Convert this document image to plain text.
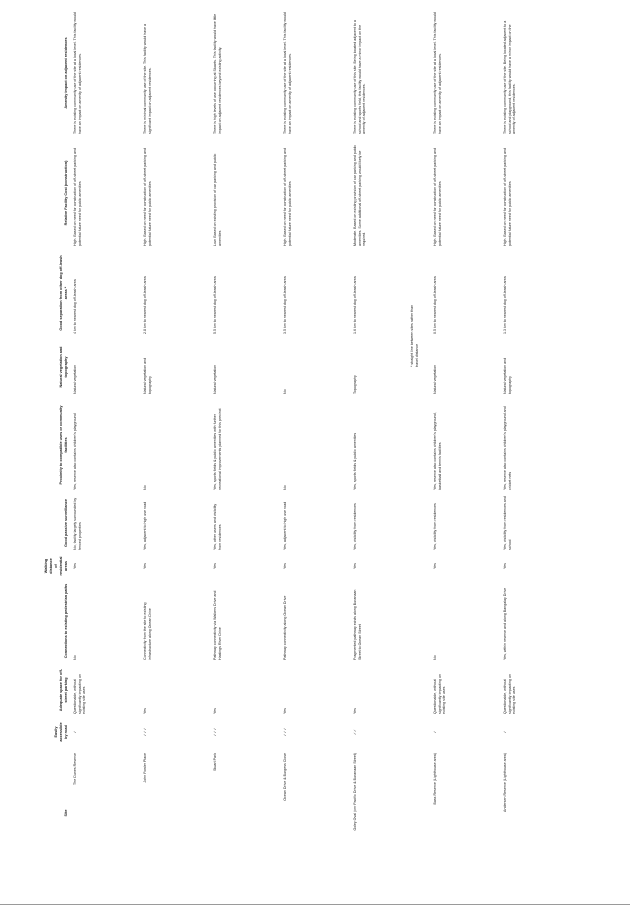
Site	Easily accessible by road	Adequate space for off-street parking	Connections to existing pedestrian paths	Walking distance of residential areas	Good passive surveillance	Proximity to compatible uses or community facilities	Natural vegetation and topography	Good separation from other dog off-leash areas *	Relative Facility Cost (construction)	Amenity impact on adjacent residences
The Dunes Reserve	✓	Questionable, without significantly impacting on existing site uses	No	Yes	No, facility largely surrounded by fenced properties	Yes, reserve also contains children's playground	Natural vegetation	4 km to nearest dog off-leash area	High. Based on need for construction of off-street parking and potential future need for public amenities	There is existing community use of the site at a local level. This facility would have an impact on amenity of adjacent residences.
John Fowler Place	✓✓✓	Yes	Connectivity from the site to existing infrastructure along Ocean Drive	Yes	Yes, adjacent to high use road	No	Natural vegetation and topography	2.8 km to nearest dog off-leash area	High. Based on need for construction of off-street parking and potential future need for public amenities	There is minimal community use of the site. This facility would have a significant impact on adjacent residences.
Stuart Park	✓✓✓	Yes	Pathway connectivity via Walkers Drive and Hastings River Drive	Yes	Yes, other users and visibility from residences	Yes, sports fields & public amenities with further recreational improvements planned for this precinct	Natural vegetation	5.5 km to nearest dog off-leash area	Low. Based on existing provision of car parking and public amenities	There is high levels of use occurring at Stuarts. This facility would have little impact on adjacent residences beyond existing activity.
Ocean Drive & Burgess Close	✓✓✓	Yes	Pathway connectivity along Ocean Drive	Yes	Yes, adjacent to high use road	No	No	3.5 km to nearest dog off-leash area	High. Based on need for construction of off-street parking and potential future need for public amenities	There is existing community use of the site at a local level. This facility would have an impact on amenity of adjacent residences.
Oxley Oval (cnr Pacific Drive & Buranaan Street)	✓✓	Yes	Fragmented pathway exists along Buranaan Street to Ocean Street	Yes	Yes, visibility from residences	Yes, sports fields & public amenities	Topography	1.6 km to nearest dog off-leash area	Moderate. Based on existing provision of car parking and public amenities. Some additional off-street parking would likely be required.	There is existing community use of this site. Being located adjacent to a school and sports field, this facility would have a minor impact on the amenity of adjacent residences.
Bass Reserve (Lighthouse area)	✓	Questionable, without significantly impacting on existing site uses	No	Yes	Yes, visibility from residences	Yes, reserve also contains children's playground, basketball and tennis facilities	Natural vegetation	0.5 km to nearest dog off-leash area	High. Based on need for construction of off-street parking and potential future need for public amenities	There is existing community use of the site at a local level. This facility would have an impact on amenity of adjacent residences.
Andersen Reserve (Lighthouse area)	✓	Questionable, without significantly impacting on existing site uses	Yes, within reserve and along Bangalay Drive	Yes	Yes, visibility from residences and school	Yes, reserve also contains children's playground and cricket nets	Natural vegetation and topography	1.3 km to nearest dog off-leash area	High. Based on need for construction of off-street parking and potential future need for public amenities	There is existing community use of the site. Being located adjacent to a school and playground, this facility would have a minor impact on the amenity of adjacent residences.
* straight line between sites rather than travel distance
